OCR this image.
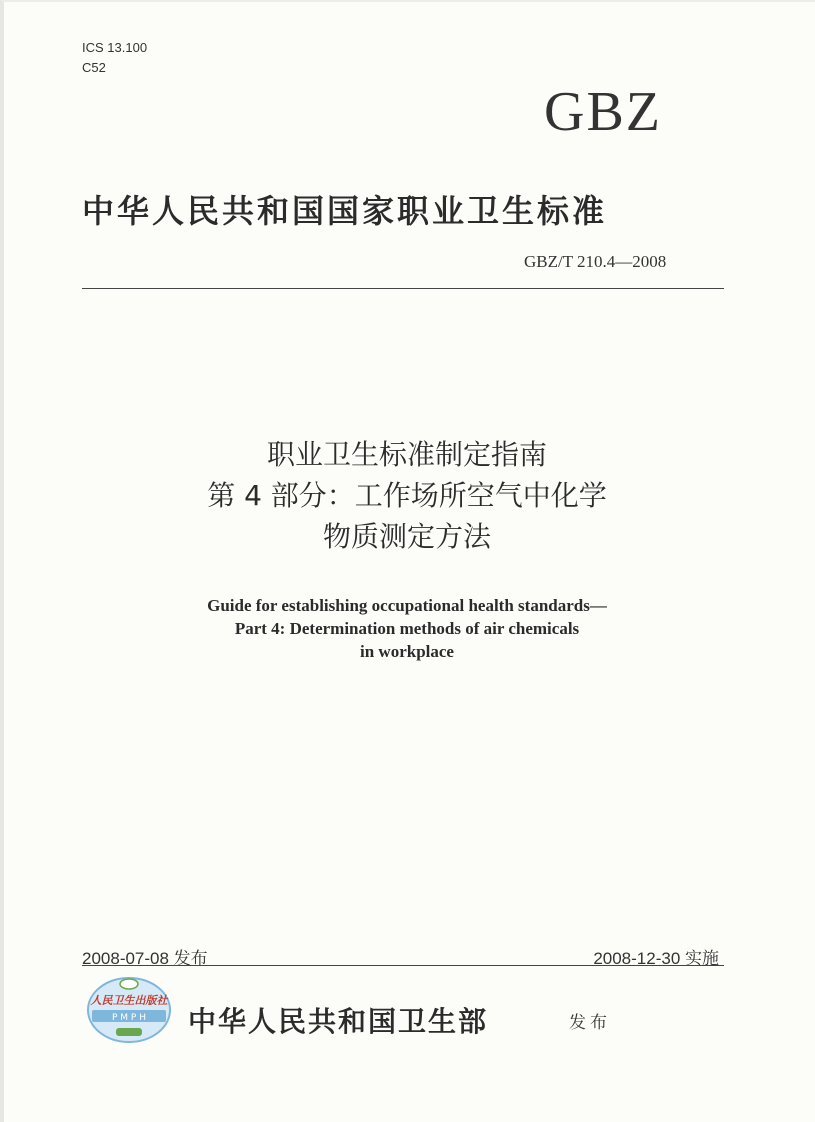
ICS 13.100
C52
GBZ
中华人民共和国国家职业卫生标准
GBZ/T 210.4—2008
职业卫生标准制定指南
第 4 部分：工作场所空气中化学
物质测定方法
Guide for establishing occupational health standards—
Part 4: Determination methods of air chemicals
in workplace
2008-07-08 发布	2008-12-30 实施
人民卫生出版社
P M P H 中华人民共和国卫生部	发布
